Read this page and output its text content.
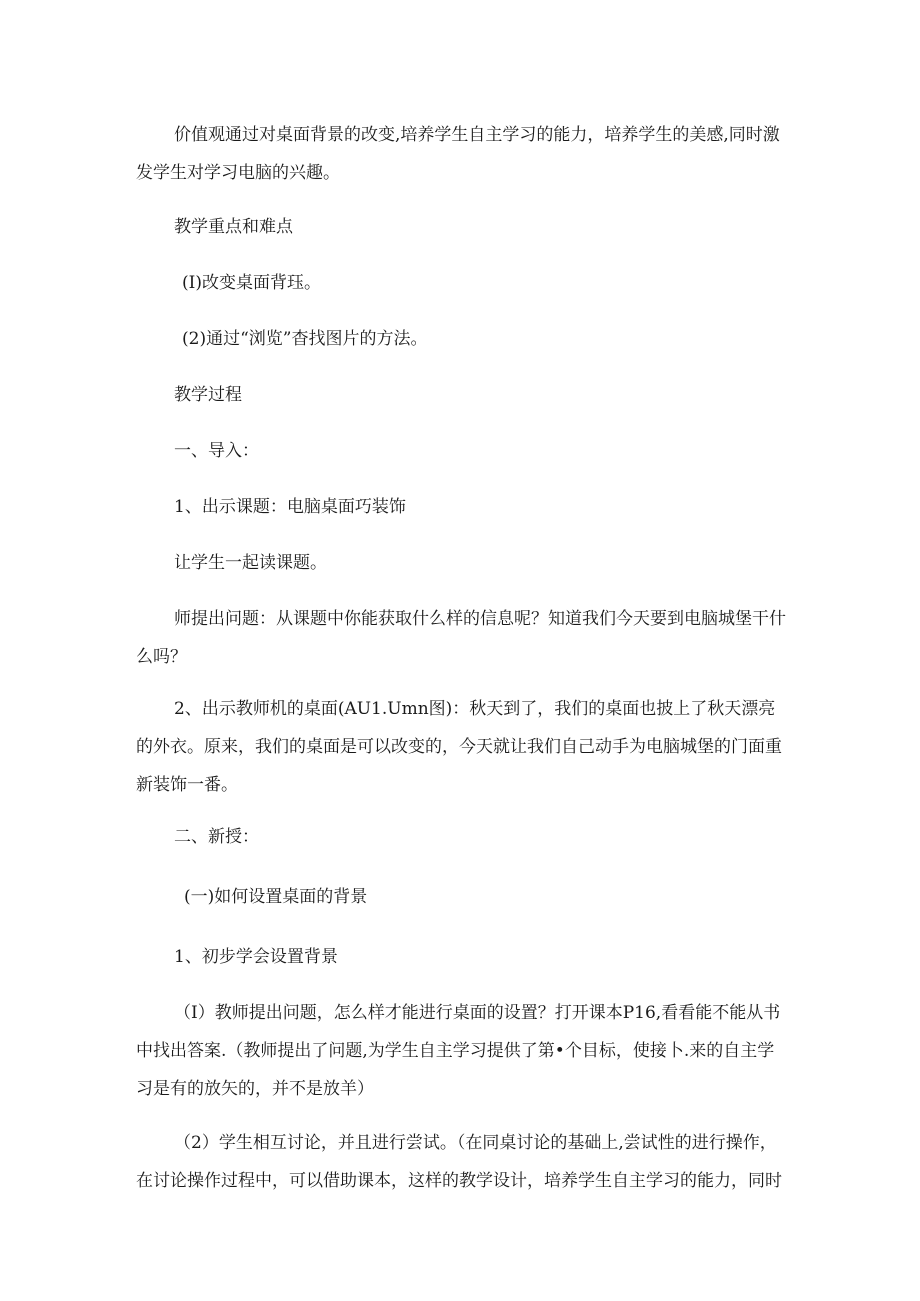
价值观通过对桌面背景的改变,培养学生自主学习的能力，培养学生的美感,同时激发学生对学习电脑的兴趣。

教学重点和难点

(I)改变桌面背珏。

(2)通过“浏览”杳找图片的方法。

教学过程

一、导入：

1、出示课题：电脑桌面巧装饰

让学生一起读课题。

师提出问题：从课题中你能获取什么样的信息呢？知道我们今天要到电脑城堡干什么吗？

2、出示教师机的桌面(AU1.Umn图)：秋天到了，我们的桌面也披上了秋天漂亮的外衣。原来，我们的桌面是可以改变的，今天就让我们自己动手为电脑城堡的门面重新装饰一番。

二、新授：

(一)如何设置桌面的背景

1、初步学会设置背景

（I）教师提出问题，怎么样才能进行桌面的设置？打开课本P16,看看能不能从书中找出答案.（教师提出了问题,为学生自主学习提供了第•个目标，使接卜.来的自主学习是有的放矢的，并不是放羊）

（2）学生相互讨论，并且进行尝试。（在同桌讨论的基础上,尝试性的进行操作，在讨论操作过程中，可以借助课本，这样的教学设计，培养学生自主学习的能力，同时
